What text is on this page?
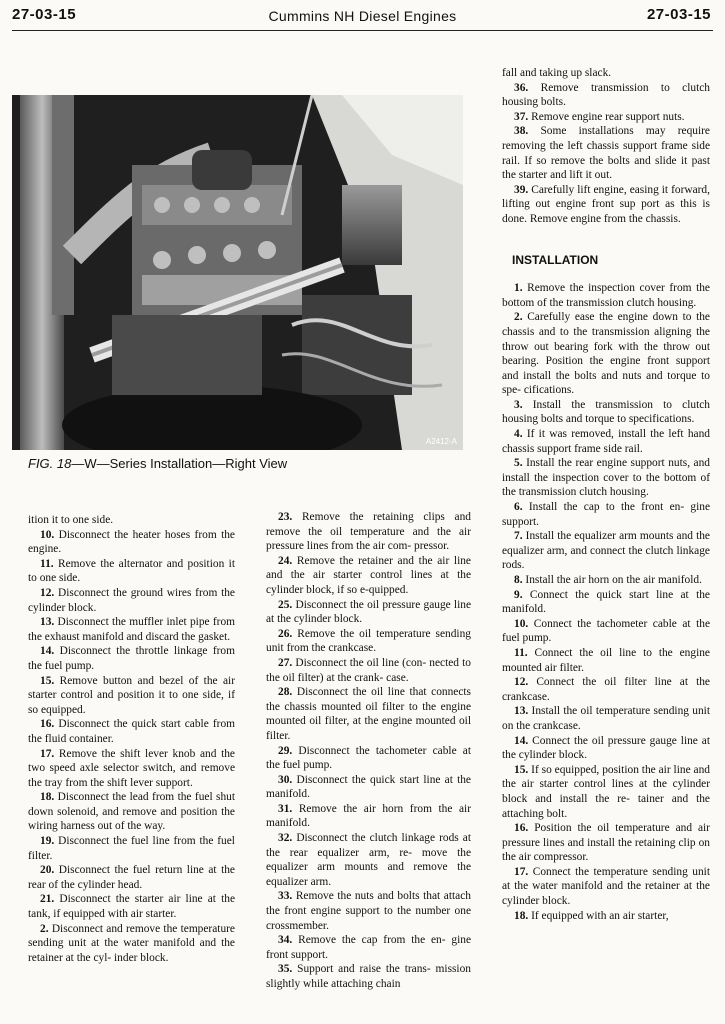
27-03-15	Cummins NH Diesel Engines	27-03-15
A2412-A
FIG. 18—W—Series Installation—Right View

ition it to one side.

10. Disconnect the heater hoses from the engine.

11. Remove the alternator and position it to one side.

12. Disconnect the ground wires from the cylinder block.

13. Disconnect the muffler inlet pipe from the exhaust manifold and discard the gasket.

14. Disconnect the throttle linkage from the fuel pump.

15. Remove button and bezel of the air starter control and position it to one side, if so equipped.

16. Disconnect the quick start cable from the fluid container.

17. Remove the shift lever knob and the two speed axle selector switch, and remove the tray from the shift lever support.

18. Disconnect the lead from the fuel shut down solenoid, and remove and position the wiring harness out of the way.

19. Disconnect the fuel line from the fuel filter.

20. Disconnect the fuel return line at the rear of the cylinder head.

21. Disconnect the starter air line at the tank, if equipped with air starter.

2. Disconnect and remove the temperature sending unit at the water manifold and the retainer at the cyl- inder block.

23. Remove the retaining clips and remove the oil temperature and the air pressure lines from the air com- pressor.

24. Remove the retainer and the air line and the air starter control lines at the cylinder block, if so e-quipped.

25. Disconnect the oil pressure gauge line at the cylinder block.

26. Remove the oil temperature sending unit from the crankcase.

27. Disconnect the oil line (con- nected to the oil filter) at the crank- case.

28. Disconnect the oil line that connects the chassis mounted oil filter to the engine mounted oil filter, at the engine mounted oil filter.

29. Disconnect the tachometer cable at the fuel pump.

30. Disconnect the quick start line at the manifold.

31. Remove the air horn from the air manifold.

32. Disconnect the clutch linkage rods at the rear equalizer arm, re- move the equalizer arm mounts and remove the equalizer arm.

33. Remove the nuts and bolts that attach the front engine support to the number one crossmember.

34. Remove the cap from the en- gine front support.

35. Support and raise the trans- mission slightly while attaching chain

fall and taking up slack.

36. Remove transmission to clutch housing bolts.

37. Remove engine rear support nuts.

38. Some installations may require removing the left chassis support frame side rail. If so remove the bolts and slide it past the starter and lift it out.

39. Carefully lift engine, easing it forward, lifting out engine front sup port as this is done. Remove engine from the chassis.

INSTALLATION

1. Remove the inspection cover from the bottom of the transmission clutch housing.

2. Carefully ease the engine down to the chassis and to the transmission aligning the throw out bearing fork with the throw out bearing. Position the engine front support and install the bolts and nuts and torque to spe- cifications.

3. Install the transmission to clutch housing bolts and torque to specifications.

4. If it was removed, install the left hand chassis support frame side rail.

5. Install the rear engine support nuts, and install the inspection cover to the bottom of the transmission clutch housing.

6. Install the cap to the front en- gine support.

7. Install the equalizer arm mounts and the equalizer arm, and connect the clutch linkage rods.

8. Install the air horn on the air manifold.

9. Connect the quick start line at the manifold.

10. Connect the tachometer cable at the fuel pump.

11. Connect the oil line to the engine mounted air filter.

12. Connect the oil filter line at the crankcase.

13. Install the oil temperature sending unit on the crankcase.

14. Connect the oil pressure gauge line at the cylinder block.

15. If so equipped, position the air line and the air starter control lines at the cylinder block and install the re- tainer and the attaching bolt.

16. Position the oil temperature and air pressure lines and install the retaining clip on the air compressor.

17. Connect the temperature sending unit at the water manifold and the retainer at the cylinder block.

18. If equipped with an air starter,
